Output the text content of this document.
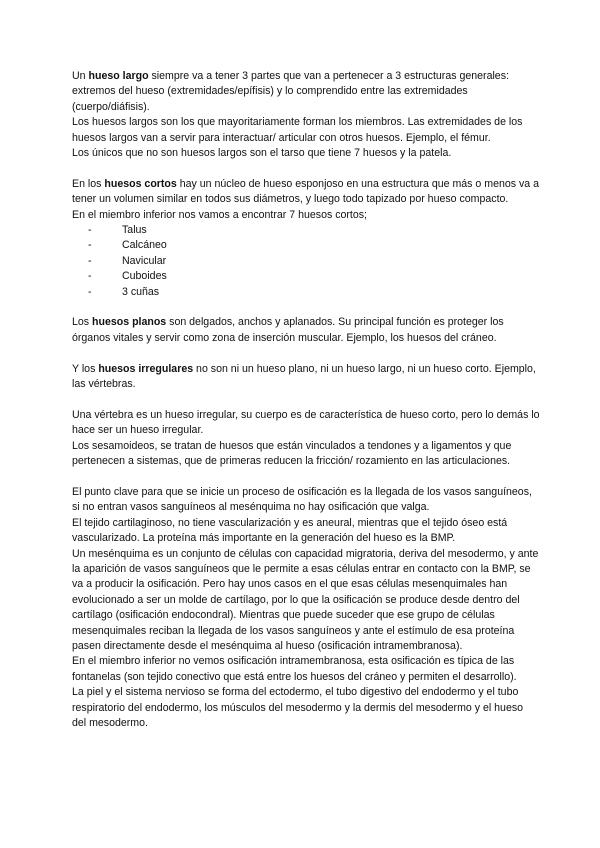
Un hueso largo siempre va a tener 3 partes que van a pertenecer a 3 estructuras generales: extremos del hueso (extremidades/epífisis) y lo comprendido entre las extremidades (cuerpo/diáfisis).

Los huesos largos son los que mayoritariamente forman los miembros. Las extremidades de los huesos largos van a servir para interactuar/ articular con otros huesos. Ejemplo, el fémur.

Los únicos que no son huesos largos son el tarso que tiene 7 huesos y la patela.

En los huesos cortos hay un núcleo de hueso esponjoso en una estructura que más o menos va a tener un volumen similar en todos sus diámetros, y luego todo tapizado por hueso compacto.

En el miembro inferior nos vamos a encontrar 7 huesos cortos;

-	Talus
-	Calcáneo
-	Navicular
-	Cuboides
-	3 cuñas

Los huesos planos son delgados, anchos y aplanados. Su principal función es proteger los órganos vitales y servir como zona de inserción muscular. Ejemplo, los huesos del cráneo.

Y los huesos irregulares no son ni un hueso plano, ni un hueso largo, ni un hueso corto. Ejemplo, las vértebras.

Una vértebra es un hueso irregular, su cuerpo es de característica de hueso corto, pero lo demás lo hace ser un hueso irregular.

Los sesamoideos, se tratan de huesos que están vinculados a tendones y a ligamentos y que pertenecen a sistemas, que de primeras reducen la fricción/ rozamiento en las articulaciones.

El punto clave para que se inicie un proceso de osificación es la llegada de los vasos sanguíneos, si no entran vasos sanguíneos al mesénquima no hay osificación que valga.

El tejido cartilaginoso, no tiene vascularización y es aneural, mientras que el tejido óseo está vascularizado. La proteína más importante en la generación del hueso es la BMP.

Un mesénquima es un conjunto de células con capacidad migratoria, deriva del mesodermo, y ante la aparición de vasos sanguíneos que le permite a esas células entrar en contacto con la BMP, se va a producir la osificación. Pero hay unos casos en el que esas células mesenquimales han evolucionado a ser un molde de cartílago, por lo que la osificación se produce desde dentro del cartílago (osificación endocondral). Mientras que puede suceder que ese grupo de células mesenquimales reciban la llegada de los vasos sanguíneos y ante el estímulo de esa proteína pasen directamente desde el mesénquima al hueso (osificación intramembranosa).

En el miembro inferior no vemos osificación intramembranosa, esta osificación es típica de las fontanelas (son tejido conectivo que está entre los huesos del cráneo y permiten el desarrollo).

La piel y el sistema nervioso se forma del ectodermo, el tubo digestivo del endodermo y el tubo respiratorio del endodermo, los músculos del mesodermo y la dermis del mesodermo y el hueso del mesodermo.
